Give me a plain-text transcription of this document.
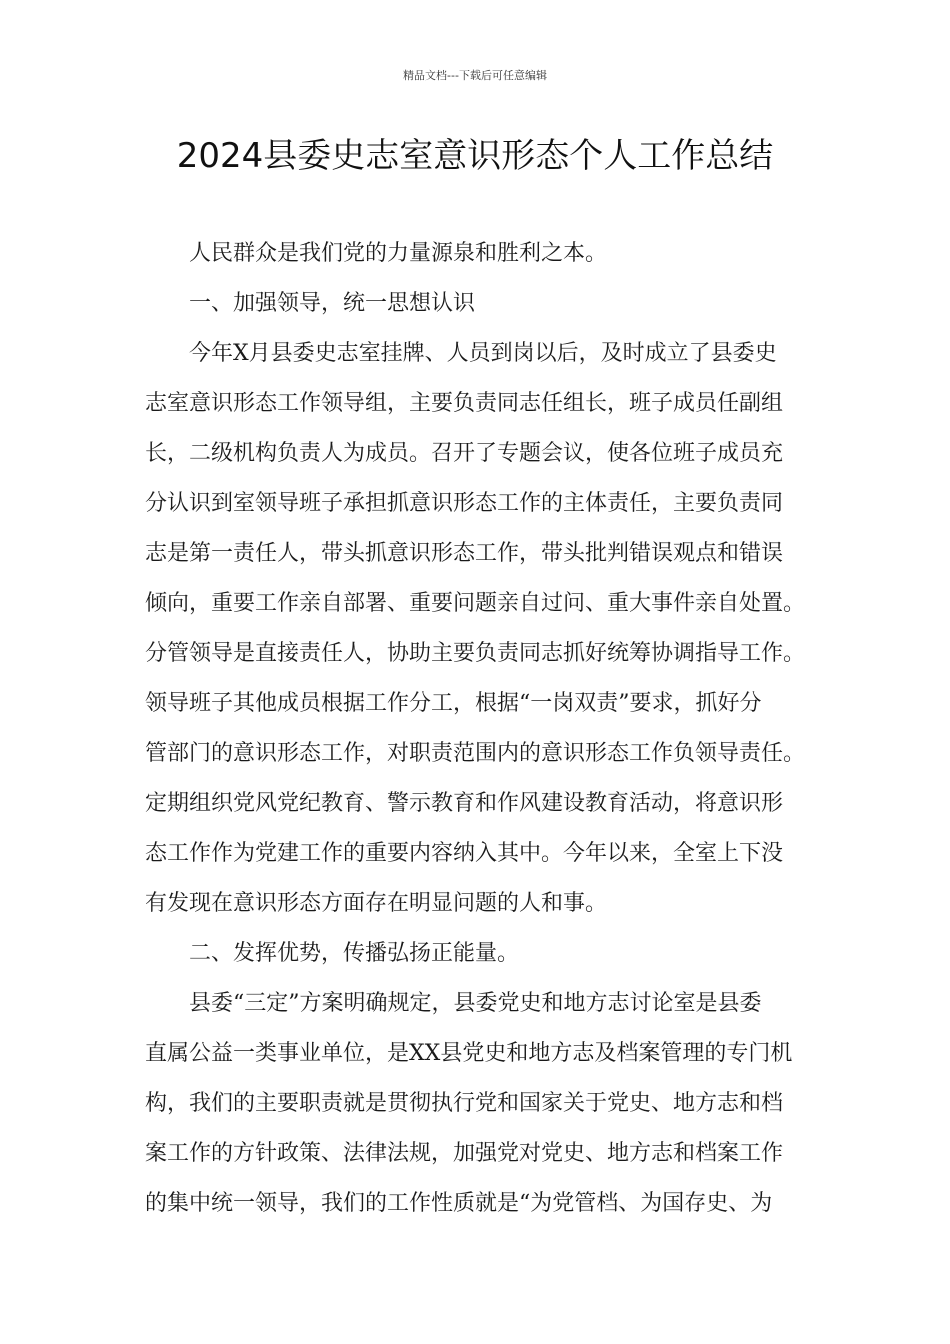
精品文档---下载后可任意编辑
2024县委史志室意识形态个人工作总结
人民群众是我们党的力量源泉和胜利之本。
一、加强领导，统一思想认识
今年X月县委史志室挂牌、人员到岗以后，及时成立了县委史
志室意识形态工作领导组，主要负责同志任组长，班子成员任副组
长，二级机构负责人为成员。召开了专题会议，使各位班子成员充
分认识到室领导班子承担抓意识形态工作的主体责任，主要负责同
志是第一责任人，带头抓意识形态工作，带头批判错误观点和错误
倾向，重要工作亲自部署、重要问题亲自过问、重大事件亲自处置。
分管领导是直接责任人，协助主要负责同志抓好统筹协调指导工作。
领导班子其他成员根据工作分工，根据“一岗双责”要求，抓好分
管部门的意识形态工作，对职责范围内的意识形态工作负领导责任。
定期组织党风党纪教育、警示教育和作风建设教育活动，将意识形
态工作作为党建工作的重要内容纳入其中。今年以来，全室上下没
有发现在意识形态方面存在明显问题的人和事。
二、发挥优势，传播弘扬正能量。
县委“三定”方案明确规定，县委党史和地方志讨论室是县委
直属公益一类事业单位，是XX县党史和地方志及档案管理的专门机
构，我们的主要职责就是贯彻执行党和国家关于党史、地方志和档
案工作的方针政策、法律法规，加强党对党史、地方志和档案工作
的集中统一领导，我们的工作性质就是“为党管档、为国存史、为
